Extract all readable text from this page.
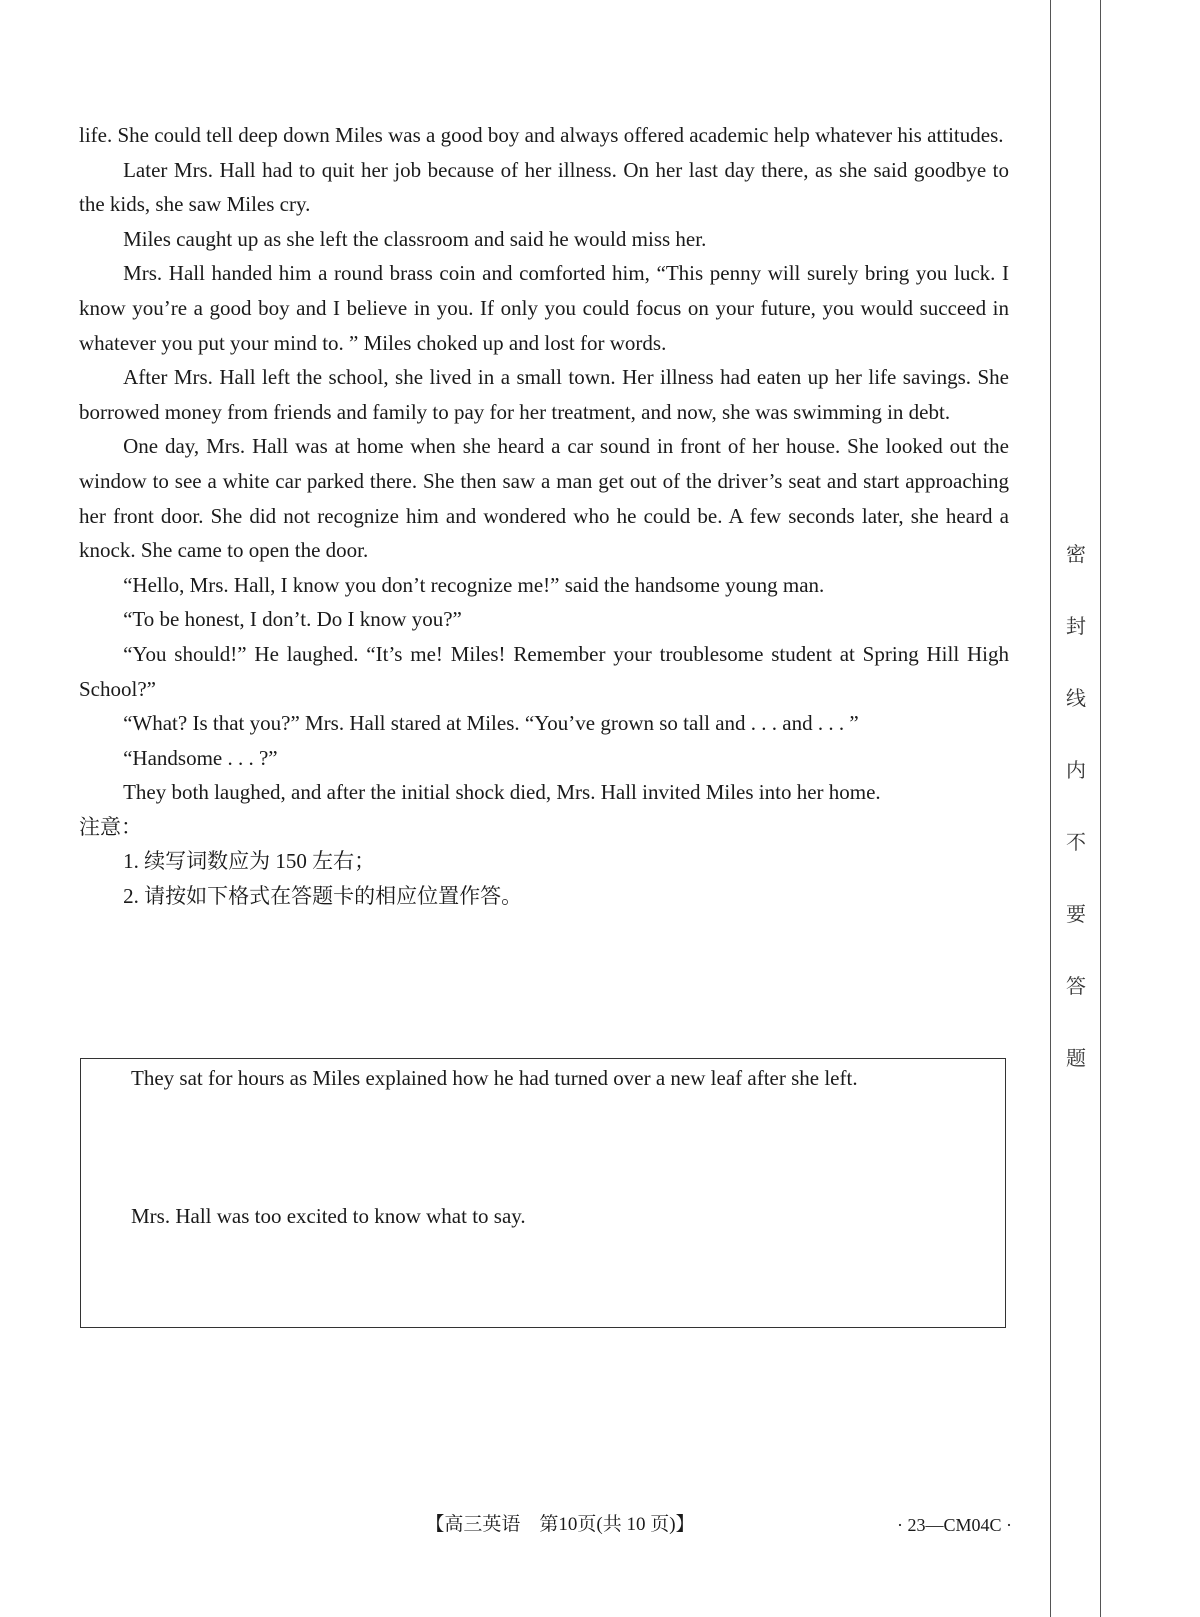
life. She could tell deep down Miles was a good boy and always offered academic help whatever his attitudes.

Later Mrs. Hall had to quit her job because of her illness. On her last day there, as she said goodbye to the kids, she saw Miles cry.

Miles caught up as she left the classroom and said he would miss her.

Mrs. Hall handed him a round brass coin and comforted him, “This penny will surely bring you luck. I know you’re a good boy and I believe in you. If only you could focus on your future, you would succeed in whatever you put your mind to. ” Miles choked up and lost for words.

After Mrs. Hall left the school, she lived in a small town. Her illness had eaten up her life savings. She borrowed money from friends and family to pay for her treatment, and now, she was swimming in debt.

One day, Mrs. Hall was at home when she heard a car sound in front of her house. She looked out the window to see a white car parked there. She then saw a man get out of the driver’s seat and start approaching her front door. She did not recognize him and wondered who he could be. A few seconds later, she heard a knock. She came to open the door.

“Hello, Mrs. Hall, I know you don’t recognize me!” said the handsome young man.

“To be honest, I don’t. Do I know you?”

“You should!” He laughed. “It’s me! Miles! Remember your troublesome student at Spring Hill High School?”

“What? Is that you?” Mrs. Hall stared at Miles. “You’ve grown so tall and . . . and . . . ”

“Handsome . . . ?”

They both laughed, and after the initial shock died, Mrs. Hall invited Miles into her home.

注意：

1. 续写词数应为 150 左右；

2. 请按如下格式在答题卡的相应位置作答。

They sat for hours as Miles explained how he had turned over a new leaf after she left.
Mrs. Hall was too excited to know what to say.
【高三英语　第10页(共 10 页)】	· 23—CM04C ·
密
封
线
内
不
要
答
题
